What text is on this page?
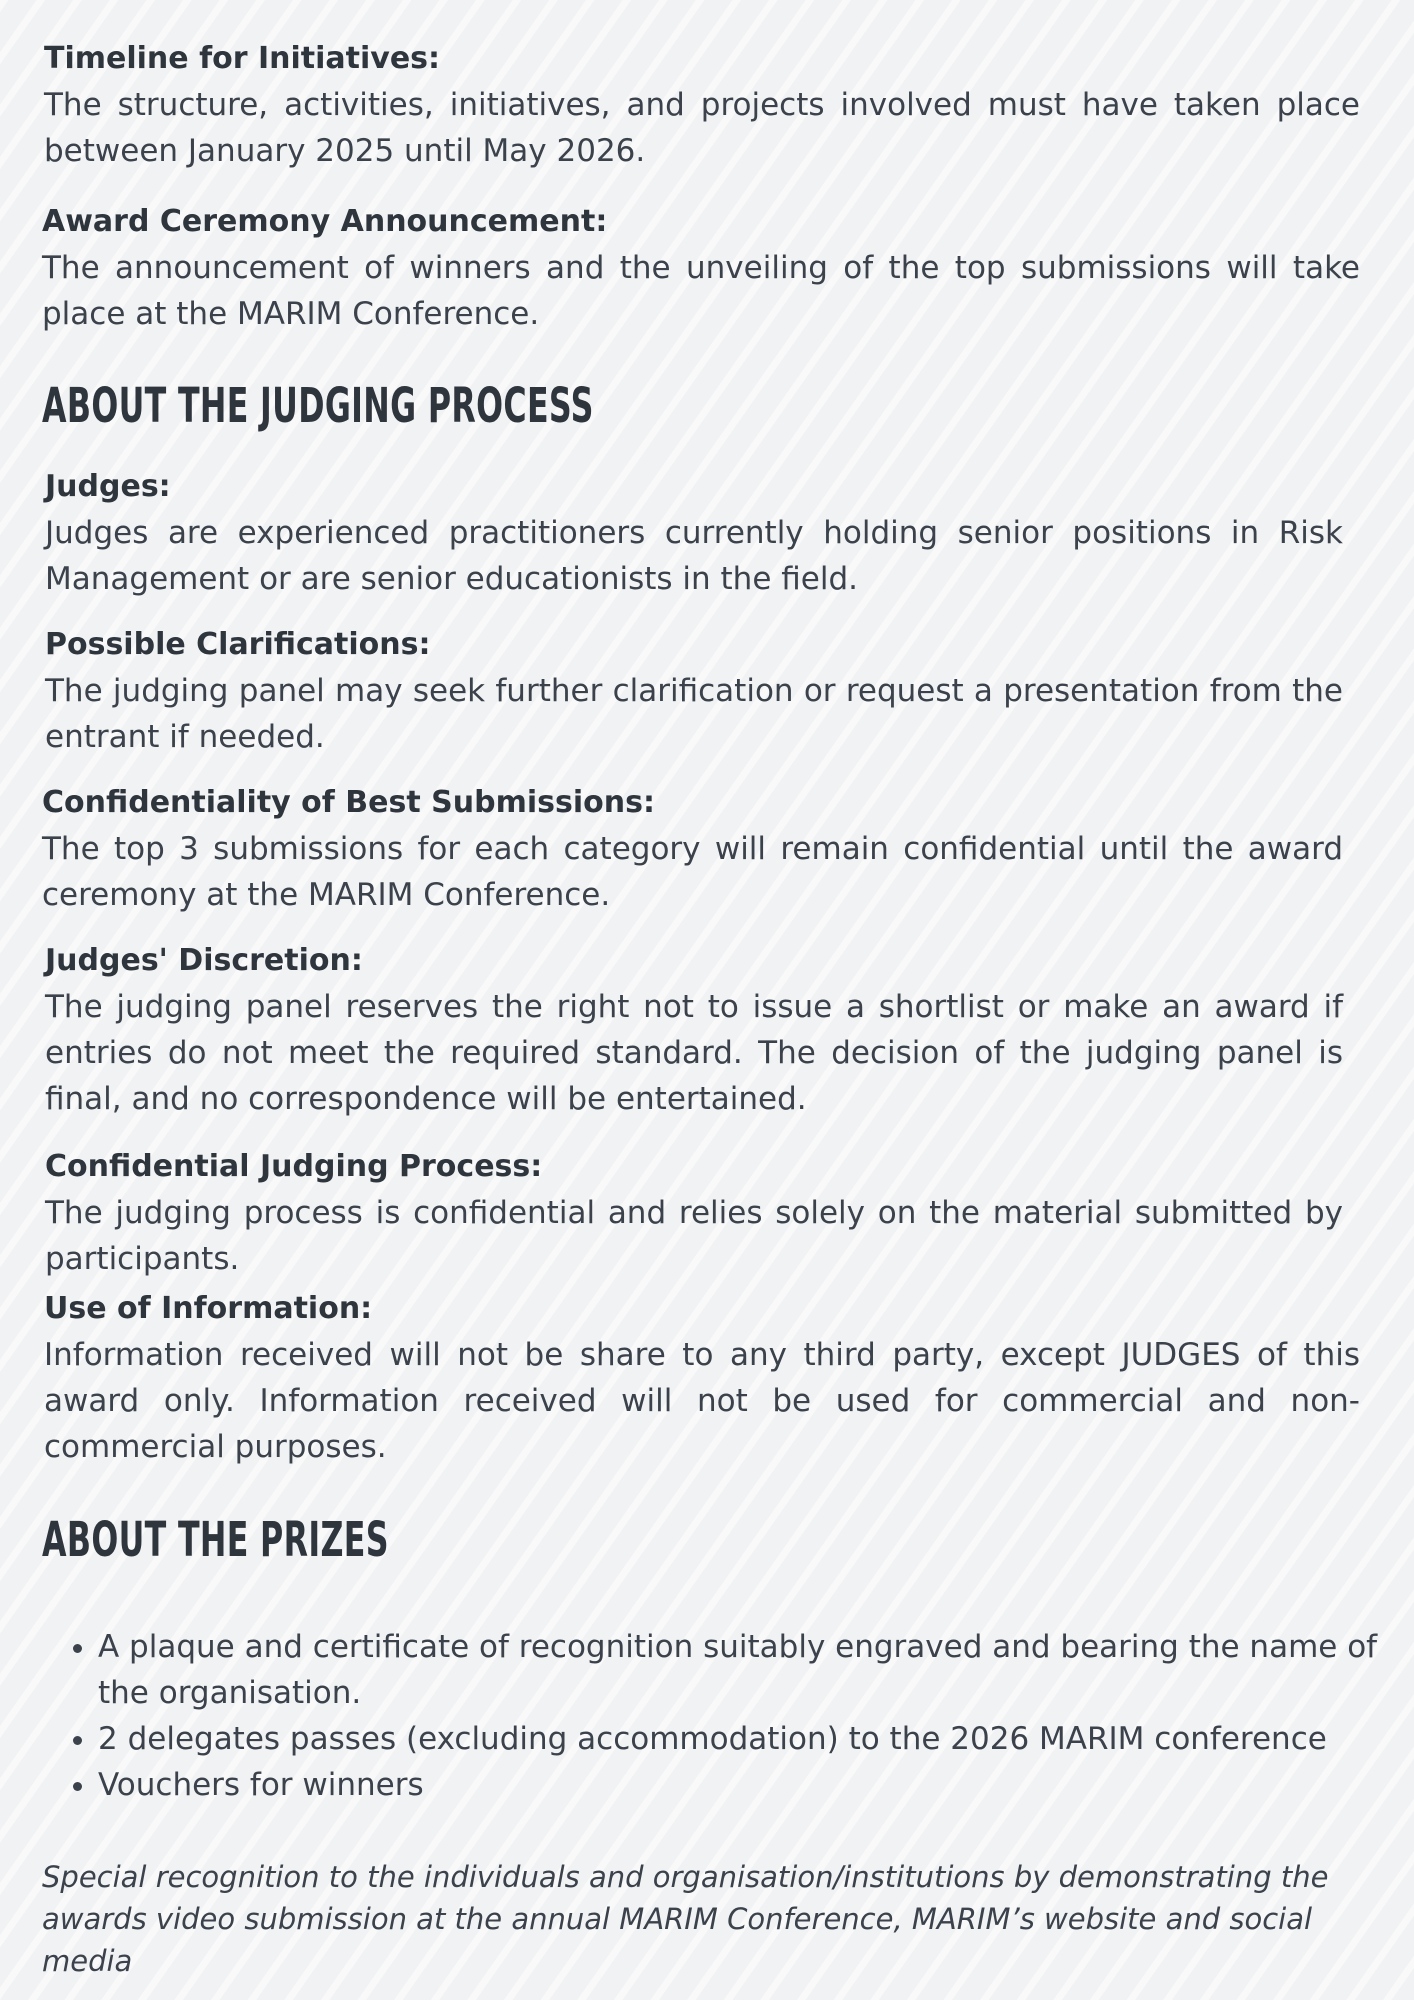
Timeline for Initiatives:

The structure, activities, initiatives, and projects involved must have taken place between January 2025 until May 2026.

Award Ceremony Announcement:

The announcement of winners and the unveiling of the top submissions will take place at the MARIM Conference.

ABOUT THE JUDGING PROCESS
Judges:

Judges are experienced practitioners currently holding senior positions in Risk Management or are senior educationists in the field.

Possible Clarifications:

The judging panel may seek further clarification or request a presentation from the entrant if needed.

Confidentiality of Best Submissions:

The top 3 submissions for each category will remain confidential until the award ceremony at the MARIM Conference.

Judges' Discretion:

The judging panel reserves the right not to issue a shortlist or make an award if entries do not meet the required standard. The decision of the judging panel is final, and no correspondence will be entertained.

Confidential Judging Process:

The judging process is confidential and relies solely on the material submitted by participants.

Use of Information:

Information received will not be share to any third party, except JUDGES of this award only. Information received will not be used for commercial and non-commercial purposes.

ABOUT THE PRIZES
• A plaque and certificate of recognition suitably engraved and bearing the name of the organisation.
• 2 delegates passes (excluding accommodation) to the 2026 MARIM conference
• Vouchers for winners
Special recognition to the individuals and organisation/institutions by demonstrating the awards video submission at the annual MARIM Conference, MARIM’s website and social media
